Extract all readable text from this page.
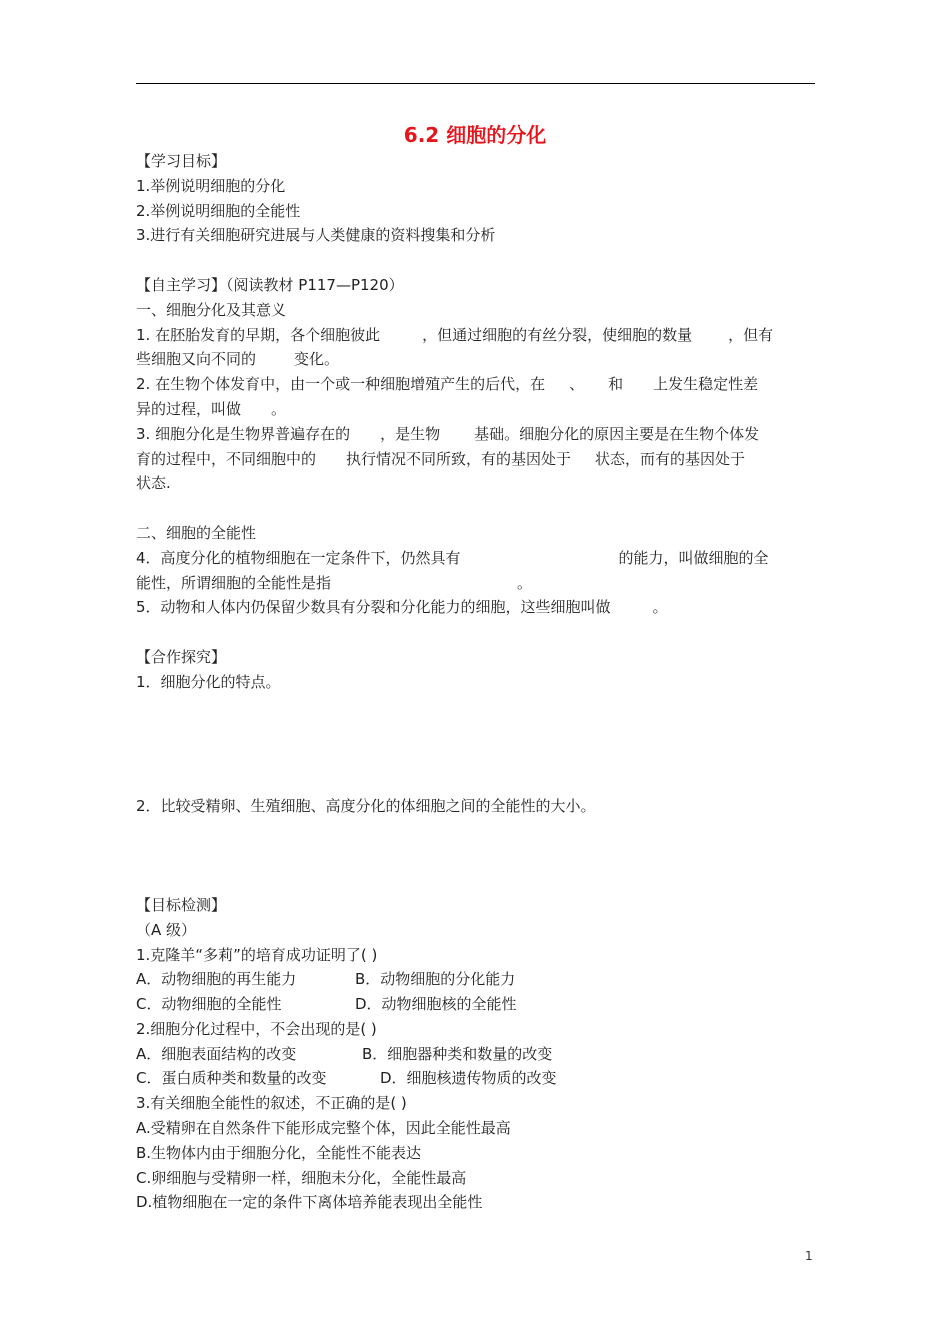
6.2 细胞的分化
【学习目标】
1.举例说明细胞的分化
2.举例说明细胞的全能性
3.进行有关细胞研究进展与人类健康的资料搜集和分析
【自主学习】（阅读教材 P117—P120）
一、细胞分化及其意义
1. 在胚胎发育的早期，各个细胞彼此	，但通过细胞的有丝分裂，使细胞的数量 ，但有
些细胞又向不同的	变化。
2. 在生物个体发育中，由一个或一种细胞增殖产生的后代，在 、 和 上发生稳定性差
异的过程，叫做 。
3. 细胞分化是生物界普遍存在的 ，是生物 基础。细胞分化的原因主要是在生物个体发
育的过程中，不同细胞中的 执行情况不同所致，有的基因处于 状态，而有的基因处于
状态.
二、细胞的全能性
4．高度分化的植物细胞在一定条件下，仍然具有	的能力，叫做细胞的全
能性，所谓细胞的全能性是指	。
5．动物和人体内仍保留少数具有分裂和分化能力的细胞，这些细胞叫做	。
【合作探究】
1．细胞分化的特点。
2．比较受精卵、生殖细胞、高度分化的体细胞之间的全能性的大小。
【目标检测】
（A 级）
1.克隆羊“多莉”的培育成功证明了( )
A．动物细胞的再生能力	B．动物细胞的分化能力
C．动物细胞的全能性	D．动物细胞核的全能性
2.细胞分化过程中，不会出现的是( )
A．细胞表面结构的改变	B．细胞器种类和数量的改变
C．蛋白质种类和数量的改变	D．细胞核遗传物质的改变
3.有关细胞全能性的叙述，不正确的是( )
A.受精卵在自然条件下能形成完整个体，因此全能性最高
B.生物体内由于细胞分化，全能性不能表达
C.卵细胞与受精卵一样，细胞未分化，全能性最高
D.植物细胞在一定的条件下离体培养能表现出全能性
1
